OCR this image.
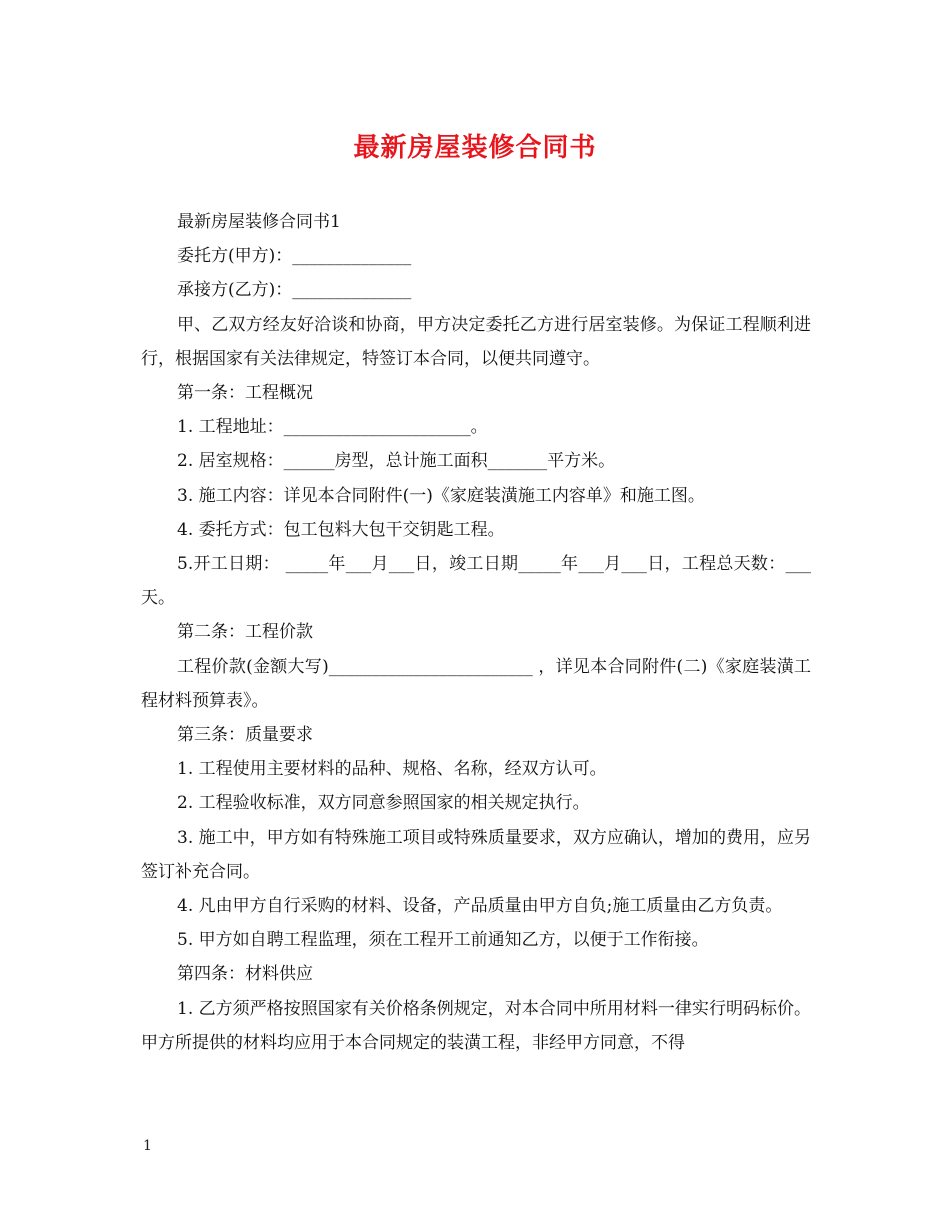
最新房屋装修合同书

最新房屋装修合同书1

委托方(甲方)：______________

承接方(乙方)：______________

甲、乙双方经友好洽谈和协商，甲方决定委托乙方进行居室装修。为保证工程顺利进行，根据国家有关法律规定，特签订本合同，以便共同遵守。

第一条：工程概况

1. 工程地址：______________________。

2. 居室规格：______房型，总计施工面积_______平方米。

3. 施工内容：详见本合同附件(一)《家庭装潢施工内容单》和施工图。

4. 委托方式：包工包料大包干交钥匙工程。

5.开工日期： _____年___月___日，竣工日期_____年___月___日，工程总天数：___天。

第二条：工程价款

工程价款(金额大写)________________________ ，详见本合同附件(二)《家庭装潢工程材料预算表》。

第三条：质量要求

1. 工程使用主要材料的品种、规格、名称，经双方认可。

2. 工程验收标准，双方同意参照国家的相关规定执行。

3. 施工中，甲方如有特殊施工项目或特殊质量要求，双方应确认，增加的费用，应另签订补充合同。

4. 凡由甲方自行采购的材料、设备，产品质量由甲方自负;施工质量由乙方负责。

5. 甲方如自聘工程监理，须在工程开工前通知乙方，以便于工作衔接。

第四条：材料供应

1. 乙方须严格按照国家有关价格条例规定，对本合同中所用材料一律实行明码标价。甲方所提供的材料均应用于本合同规定的装潢工程，非经甲方同意，不得

1
